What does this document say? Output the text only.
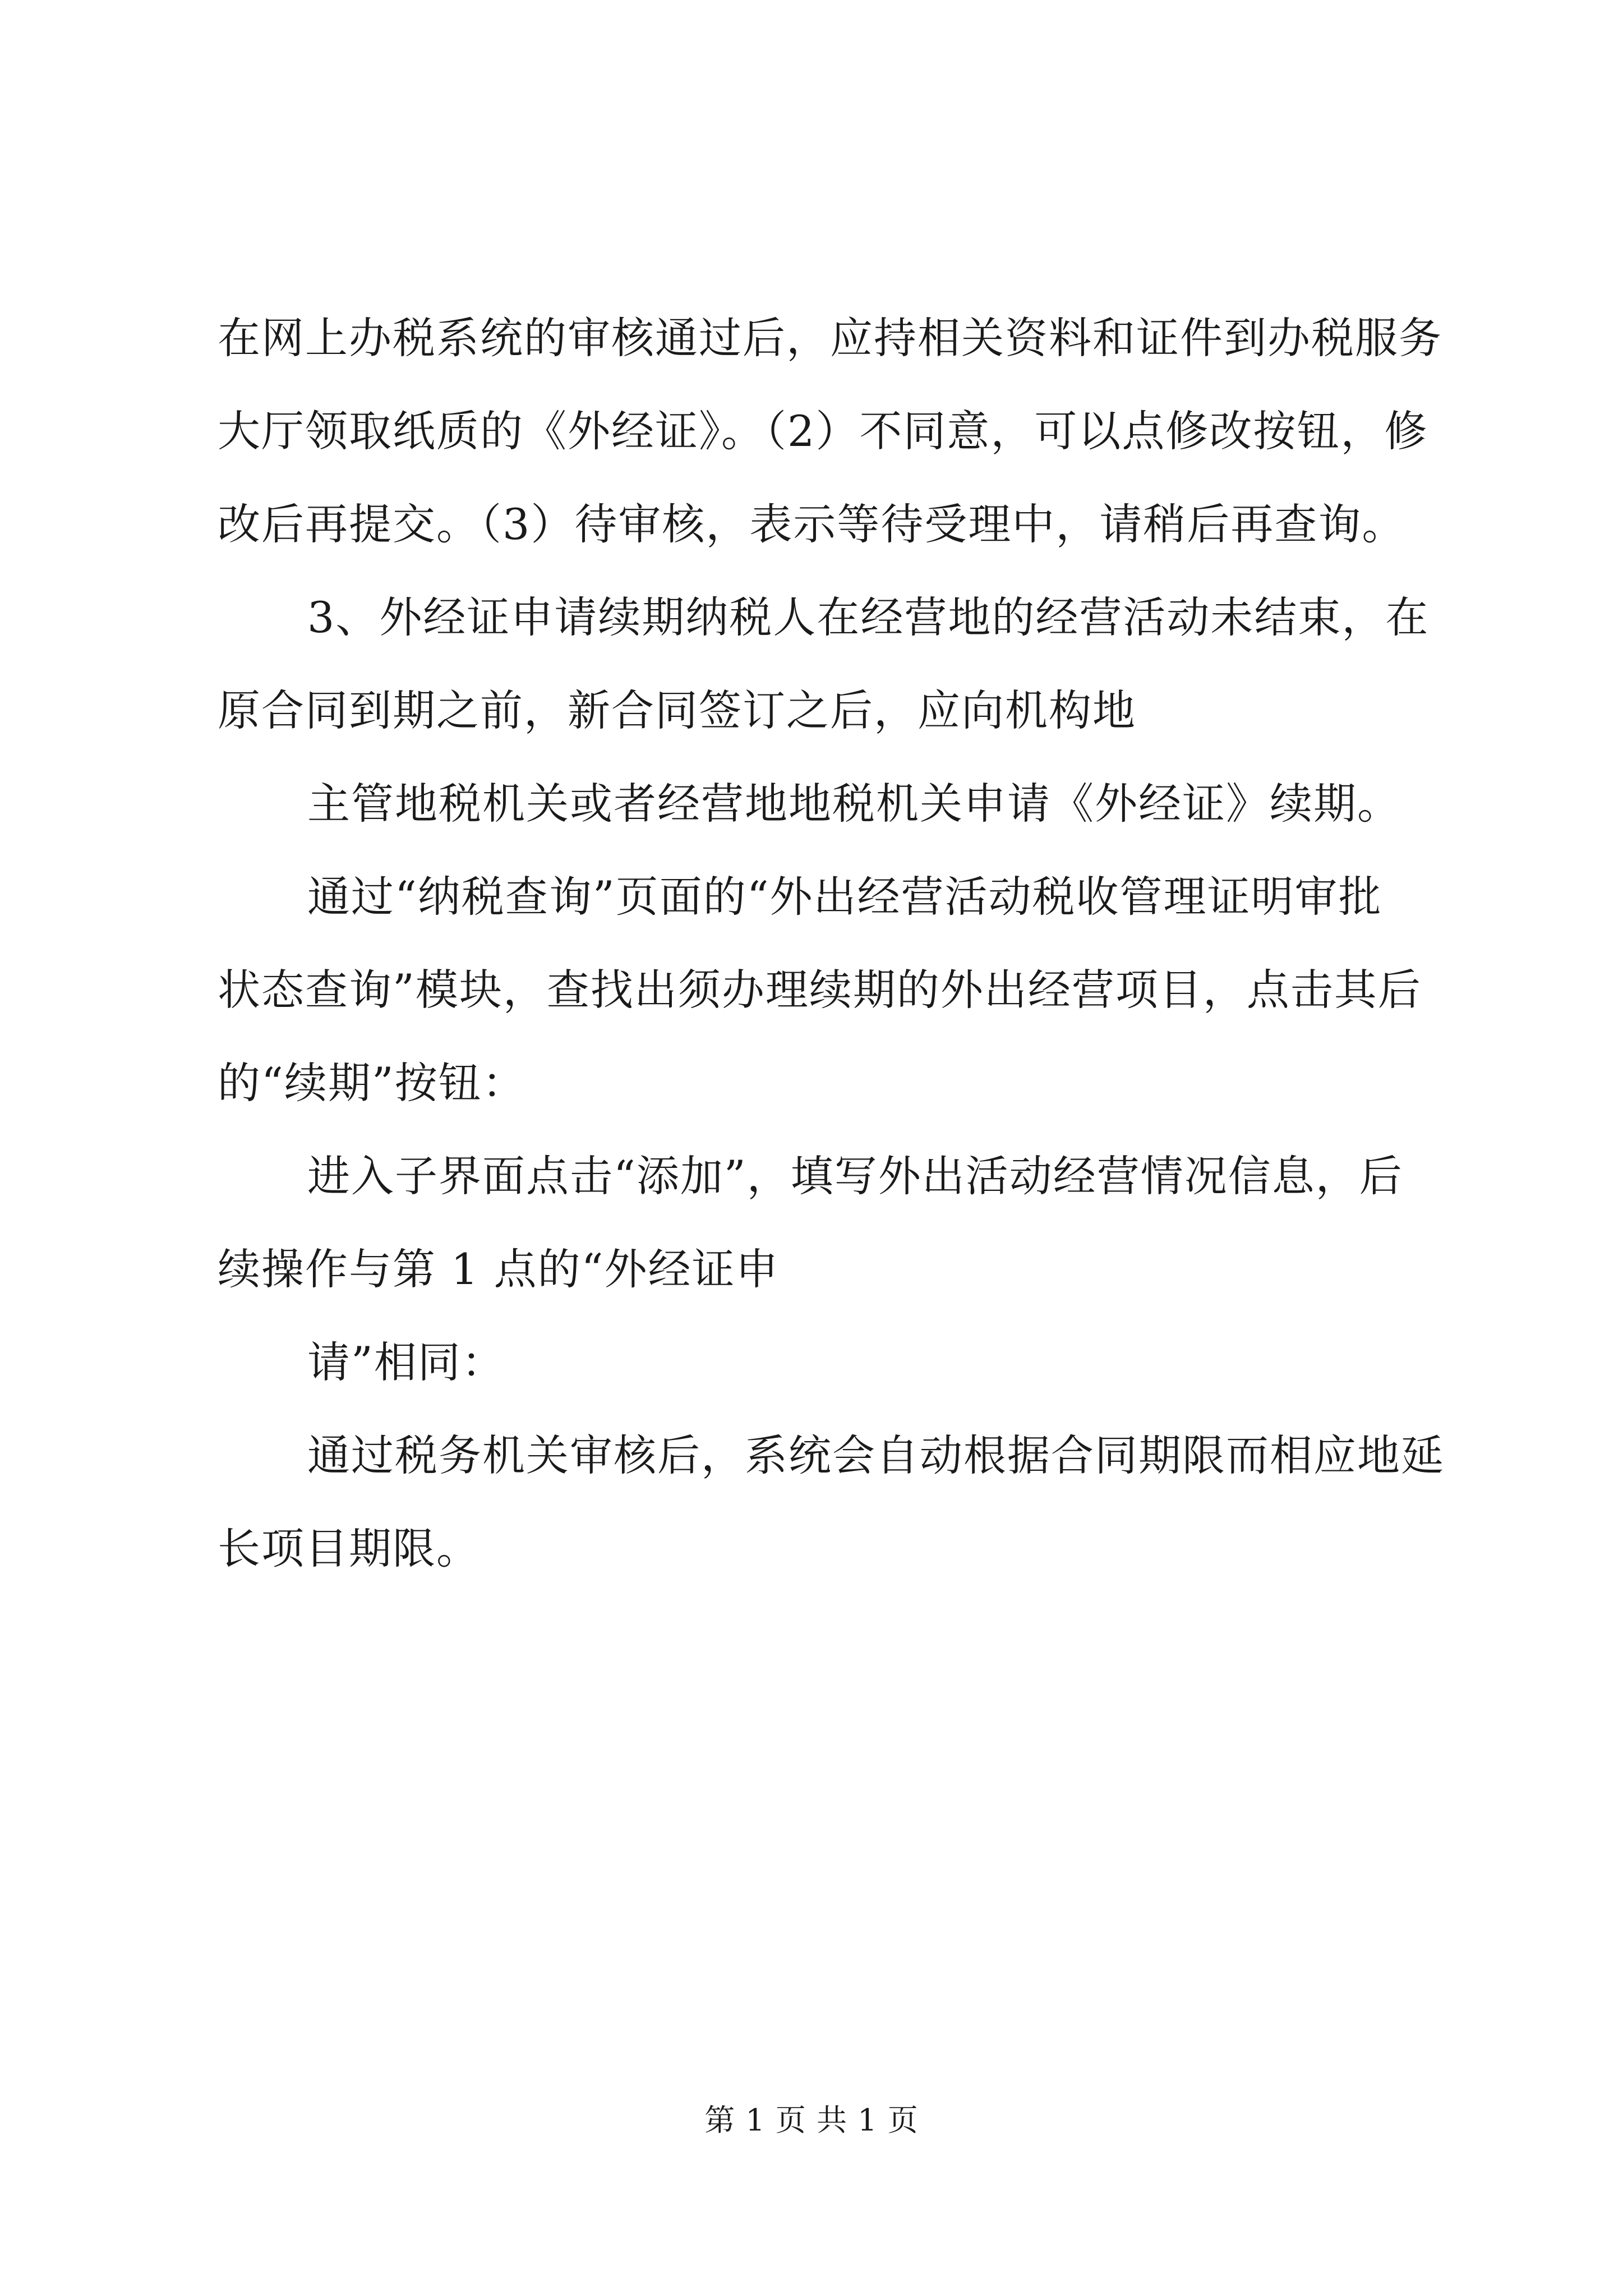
在网上办税系统的审核通过后，应持相关资料和证件到办税服务
大厅领取纸质的《外经证》。（2）不同意，可以点修改按钮，修
改后再提交。（3）待审核，表示等待受理中，请稍后再查询。
3、外经证申请续期纳税人在经营地的经营活动未结束，在
原合同到期之前，新合同签订之后，应向机构地
主管地税机关或者经营地地税机关申请《外经证》续期。
通过“纳税查询”页面的“外出经营活动税收管理证明审批
状态查询”模块，查找出须办理续期的外出经营项目，点击其后
的“续期”按钮：
进入子界面点击“添加”，填写外出活动经营情况信息，后
续操作与第 1 点的“外经证申
请”相同：
通过税务机关审核后，系统会自动根据合同期限而相应地延
长项目期限。
第 1 页 共 1 页
